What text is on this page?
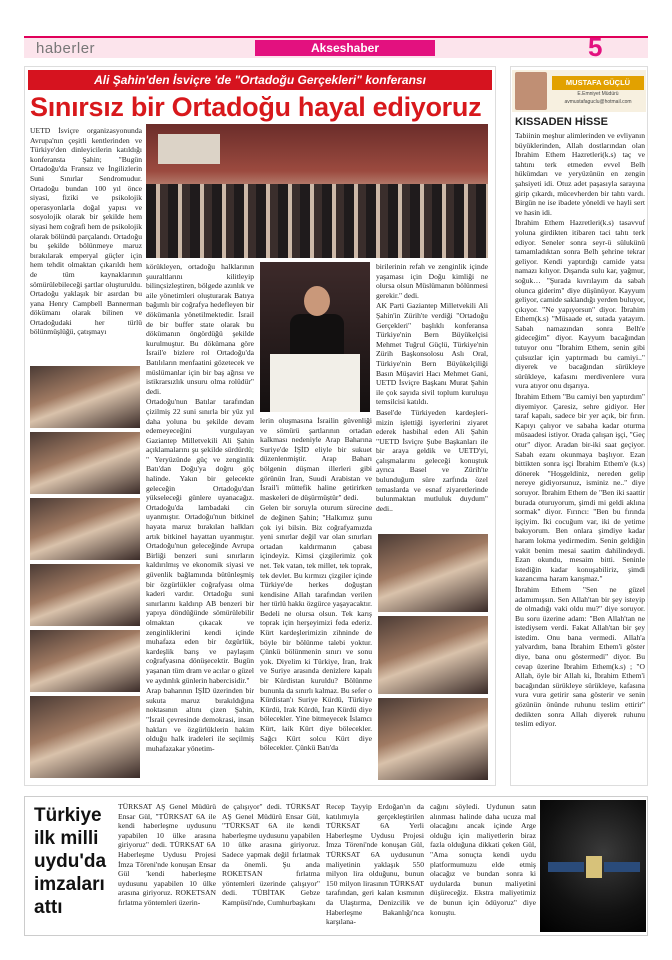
haberler	Akseshaber	5
Ali Şahin'den İsviçre 'de "Ortadoğu Gerçekleri" konferansı
Sınırsız bir Ortadoğu hayal ediyoruz

UETD İsviçre organizasyonunda Avrupa'nın çeşitli kentlerinden ve Türkiye'den dinleyicilerin katıldığı konferansta Şahin; "Bugün Ortadoğu'da Fransız ve İngilizlerin Suni Sınırlar Sendromudur. Ortadoğu bundan 100 yıl önce siyasi, fiziki ve psikolojik operasyonlarla doğal yapısı ve sosyolojik olarak bir şekilde hem siyasi hem coğrafi hem de psikolojik olarak bölündü parçalandı. Ortadoğu bu şekilde bölünmeye maruz bırakılarak emperyal güçler için hem tehdit olmaktan çıkarıldı hem de tüm kaynaklarının sömürülebileceği şartlar oluşturuldu. Ortadoğu yaklaşık bir asırdan bu yana Henry Campbell Bannerman dökümanı olarak bilinen ve Ortadoğudaki her türlü bölünmüşlüğü, çatışmayı

körükleyen, ortadoğu halklarının şuuraltlarını kilitleyip bilinçsizleştiren, bölgede azınlık ve aile yönetimleri oluşturarak Batıya bağımlı bir coğrafya hedefleyen bir dökümanla yönetilmektedir. İsrail de bir buffer state olarak bu dökümanın öngördüğü şekilde kurulmuştur. Bu dökümana göre İsrail'e bizlere rol Ortadoğu'da Batılıların menfaatini gözetecek ve müslümanlar için bir baş ağrısı ve istikrarsızlık unsuru olma rolüdür" dedi.

Ortadoğu'nun Batılar tarafından çizilmiş 22 suni sınırla bir yüz yıl daha yoluna bu şekilde devam edemeyeceğini vurgulayan Gaziantep Milletvekili Ali Şahin açıklamalarını şu şekilde sürdürdü; " Yeryüzünde güç ve zenginlik Batı'dan Doğu'ya doğru göç halinde. Yakın bir gelecekte geleceğin Ortadoğu'dan yükseleceği günlere uyanacağız. Ortadoğu'da lambadaki cin uyanmıştır. Ortadoğu'nun bitkinel hayata maruz bırakılan halkları artık bitkinel hayattan uyanmıştır. Ortadoğu'nun geleceğinde Avrupa Birliği benzeri suni sınırların kaldırılmış ve ekonomik siyasi ve güvenlik bağlamında bütünleşmiş bir özgürlükler coğrafyası olma kaderi vardır. Ortadoğu suni sınırlarını kaldırıp AB benzeri bir yapıya döndüğünde sömürülebilir olmaktan çıkacak ve zenginliklerini kendi içinde muhafaza eden bir özgürlük, kardeşlik barış ve paylaşım coğrafyasına dönüşecektir. Bugün yaşanan tüm dram ve acılar o güzel ve aydınlık günlerin habercisidir."

Arap baharının İŞİD üzerinden bir sukuta maruz bırakıldığına noktasının altını çizen Şahin, "İsrail çevresinde demokrasi, insan hakları ve özgürlüklerin hakim olduğu halk iradeleri ile seçilmiş muhafazakar yönetim-

lerin oluşmasına İsrailin güvenliği ve sömürü şartlarının ortadan kalkması nedeniyle Arap Baharına Suriye'de İŞİD eliyle bir sukuet düzenlenmiştir. Arap Baharı bölgenin düşman illerleri gibi görünün İran, Suudi Arabistan ve İsrail'i müttefik haline getirirken maskeleri de düşürmüştür" dedi.

Gelen bir soruyla oturum sürecine de değinen Şahin; "Halkımız şunu çok iyi bilsin. Biz coğrafyamızda yeni sınırlar değil var olan sınırları ortadan kaldırmanın çabası içindeyiz. Kimsi çizgilerimiz çok net. Tek vatan, tek millet, tek toprak, tek devlet. Bu kırmızı çizgiler içinde Türkiye'de herkes doğuştan kendisine Allah tarafından verilen her türlü hakkı özgürce yaşayacaktır. Bedeli ne olursa olsun. Tek karış toprak için herşeyimizi feda ederiz. Kürt kardeşlerimizin zihninde de böyle bir bölünme talebi yoktur. Çünkü bölünmenin sınırı ve sonu yok. Diyelim ki Türkiye, İran, Irak ve Suriye arasında denizlere kapalı bir Kürdistan kuruldu? Bölünme bununla da sınırlı kalmaz. Bu sefer o Kürdistan'ı Suriye Kürdü, Türkiye Kürdü, Irak Kürdü, İran Kürdü diye bölecekler. Yine bitmeyecek İslamcı Kürt, laik Kürt diye bölecekler. Sağcı Kürt solcu Kürt diye bölecekler. Çünkü Batı'da

birilerinin refah ve zenginlik içinde yaşaması için Doğu kimliği ne olursa olsun Müslümanın bölünmesi gerekir." dedi.

AK Parti Gaziantep Milletvekili Ali Şahin'in Zürih'te verdiği "Ortadoğu Gerçekleri" başlıklı konferansa Türkiye'nin Bern Büyükelçisi Mehmet Tuğrul Güçlü, Türkiye'nin Zürih Başkonsolosu Aslı Oral, Türkiye'nin Bern Büyükelçiliği Basın Müşaviri Hacı Mehmet Gani, UETD İsviçre Başkanı Murat Şahin ile çok sayıda sivil toplum kuruluşu temsilcisi katıldı.

Basel'de Türkiyeden kardeşleri-mizin işlettiği işyerlerini ziyaret ederek hasbihal eden Ali Şahin "UETD İsviçre Şube Başkanları ile bir araya geldik ve UETD'yi, çalışmalarını geleceği konuştuk ayrıca Basel ve Zürih'te bulunduğum süre zarfında özel temaslarda ve esnaf ziyaretlerinde bulunmaktan mutluluk duydum" dedi..

MUSTAFA GÜÇLÜ
E.Emniyet Müdürü
avmustafaguclu@hotmail.com
KISSADEN HİSSE

Tabiinin meşhur alimlerinden ve evliyanın büyüklerinden, Allah dostlarından olan İbrahim Ethem Hazretleri(k.s) taç ve tahtını terk etmeden evvel Belh hükümdarı ve yeryüzünün en zengin şahsiyeti idi. Otuz adet paşasıyla sarayına girip çıkardı, mücevherden bir tahtı vardı. Birgün ne ise ibadete yöneldi ve hayli sert ve hasin idi.

İbrahim Ethem Hazretleri(k.s) tasavvuf yoluna girdikten itibaren taci tahtı terk ediyor. Seneler sonra seyr-ü sülukünü tamamladıktan sonra Belh şehrine tekrar geliyor. Kendi yaptırdığı camide yatsı namazı kılıyor. Dışarıda sulu kar, yağmur, soğuk… "Şurada kıvrılayım da sabah olunca giderim" diye düşünüyor. Kayyum geliyor, camide saklandığı yerden buluyor, çıkıyor. "Ne yapıyorsun" diyor. İbrahim Ethem(k.s) "Müsaade et, sutada yatayım. Sabah namazından sonra Belh'e gideceğim" diyor. Kayyum bacağından tutuyor onu "İbrahim Ethem, senin gibi çulsuzlar için yaptırmadı bu camiyi.." diyerek ve bacağından sürükleye sürükleye, kafasını merdivenlere vura vura atıyor onu dışarıya.

İbrahim Ethem "Bu camiyi ben yaptırdım" diyemiyor. Çaresiz, sehre gidiyor. Her taraf kapalı, sadece bir yer açık, bir fırın. Kapıyı çalıyor ve sabaha kadar oturma müsaadesi istiyor. Orada çalışan işçi, "Geç otur" diyor. Aradan bir-iki saat geçiyor. Sabah ezanı okunmaya başlıyor. Ezan bittikten sonra işçi İbrahim Ethem'e (k.s) dönerek "Hoşgeldiniz, nereden gelip nereye gidiyorsunuz, isminiz ne.." diye soruyor. İbrahim Ethem de "Ben iki saattir burada oturuyorum, şimdi mi geldi aklına sormak" diyor. Fırıncı: "Ben bu fırında işçiyim. İki cocuğum var, iki de yetime bakıyorum. Ben onlara şimdiye kadar haram lokma yedirmedim. Senin geldiğin vakit benim mesai saatim dahilindeydi. Ezan okundu, mesaim bitti. Seninle istediğin kadar konuşabiliriz, şimdi kazancıma haram karışmaz."

İbrahim Ethem "Sen ne güzel adamımışsın. Sen Allah'tan bir şey isteyip de olmadığı vaki oldu mu?" diye soruyor. Bu soru üzerine adam: "Ben Allah'tan ne istediysem verdi. Fakat Allah'tan bir şey istedim. Onu bana vermedi. Allah'a yalvardım, bana İbrahim Ethem'i göster diye, bana onu göstermedi" diyor. Bu cevap üzerine İbrahim Ethem(k.s) ; "O Allah, öyle bir Allah ki, İbrahim Ethem'i bacağından sürükleye sürükleye, kafasına vura vura getirir sana gösterir ve senin gözünün önünde ruhunu teslim ettirir" dedikten sonra Allah diyerek ruhunu teslim ediyor.

Türkiye ilk milli uydu'da imzaları attı
TÜRKSAT AŞ Genel Müdürü Ensar Gül, "TÜRKSAT 6A ile kendi haberleşme uydusunu yapabilen 10 ülke arasına giriyoruz" dedi. TÜRKSAT 6A Haberleşme Uydusu Projesi İmza Töreni'nde konuşan Ensar Gül 'kendi haberleşme uydusunu yapabilen 10 ülke arasına giriyoruz. ROKETSAN fırlatma yöntemleri üzerin-
de çalışıyor" dedi. TÜRKSAT AŞ Genel Müdürü Ensar Gül, "TÜRKSAT 6A ile kendi haberleşme uydusunu yapabilen 10 ülke arasına giriyoruz. Sadece yapmak değil fırlatmak da önemli. Şu anda ROKETSAN fırlatma yöntemleri üzerinde çalışıyor" dedi. TÜBİTAK Gebze Kampüsü'nde, Cumhurbaşkanı
Recep Tayyip Erdoğan'ın da katılımıyla gerçekleştirilen TÜRKSAT 6A Yerli Haberleşme Uydusu Projesi İmza Töreni'nde konuşan Gül, TÜRKSAT 6A uydusunun maliyetinin yaklaşık 550 milyon lira olduğunu, bunun 150 milyon lirasının TÜRKSAT tarafından, geri kalan kısmının da Ulaştırma, Denizcilik ve Haberleşme Bakanlığı'nca karşılana-
cağını söyledi. Uydunun satın alınması halinde daha ucuza mal olacağını ancak içinde Arge olduğu için maliyetlerin biraz fazla olduğuna dikkati çeken Gül, "Ama sonuçta kendi uydu platformumuzu elde etmiş olacağız ve bundan sonra ki uydularda bunun maliyetini düşüreceğiz. Ekstra maliyetimiz de bunun için ödüyoruz" diye konuştu.
